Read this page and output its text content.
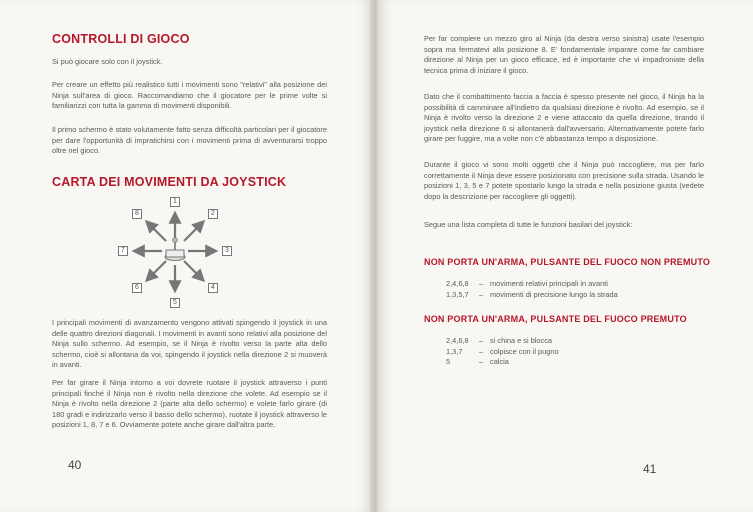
CONTROLLI DI GIOCO
Si può giocare solo con il joystick.
Per creare un effetto più realistico tutti i movimenti sono "relativi" alla posizione dei Ninja sull'area di gioco. Raccomandiamo che il giocatore per le prime volte si familiarizzi con tutta la gamma di movimenti disponibili.
Il primo schermo è stato volutamente fatto senza difficoltà particolari per il giocatore per dare l'opportunità di impratichirsi con i movimenti prima di avventurarsi troppo oltre nel gioco.
CARTA DEI MOVIMENTI DA JOYSTICK
1
2
3
4
5
6
7
8
I principali movimenti di avanzamento vengono attivati spingendo il joystick in una delle quattro direzioni diagonali. I movimenti in avanti sono relativi alla posizione del Ninja sullo schermo. Ad esempio, se il Ninja è rivolto verso la parte alta dello schermo, cioè si allontana da voi, spingendo il joystick nella direzione 2 si muoverà in avanti.
Per far girare il Ninja intorno a voi dovrete ruotare il joystick attraverso i punti principali finché il Ninja non è rivolto nella direzione che volete. Ad esempio se il Ninja è rivolto nella direzione 2 (parte alta dello schermo) e volete farlo girare (di 180 gradi e indirizzarlo verso il basso dello schermo), ruotate il joystick attraverso le posizioni 1, 8, 7 e 6. Ovviamente potete anche girare dall'altra parte.
40
Per far compiere un mezzo giro al Ninja (da destra verso sinistra) usate l'esempio sopra ma fermatevi alla posizione 8. E' fondamentale imparare come far cambiare direzione al Ninja per un gioco efficace, ed è importante che vi impadroniate della tecnica prima di iniziare il gioco.
Dato che il combattimento faccia a faccia è spesso presente nel gioco, il Ninja ha la possibilità di camminare all'indietro da qualsiasi direzione è rivolto. Ad esempio, se il Ninja è rivolto verso la direzione 2 e viene attaccato da quella direzione, tirando il joystick nella direzione 6 si allontanerà dall'avversario. Alternativamente potete farlo girare per fuggire, ma a volte non c'è abbastanza tempo a disposizione.
Durante il gioco vi sono molti oggetti che il Ninja può raccogliere, ma per farlo correttamente il Ninja deve essere posizionato con precisione sulla strada. Usando le posizioni 1, 3, 5 e 7 potete spostarlo lungo la strada e nella posizione giusta (vedete dopo la descrizione per raccogliere gli oggetti).
Segue una lista completa di tutte le funzioni basilari del joystick:
NON PORTA UN'ARMA, PULSANTE DEL FUOCO NON PREMUTO
2,4,6,8	– movimenti relativi principali in avanti
1,3,5,7	– movimenti di precisione lungo la strada
NON PORTA UN'ARMA, PULSANTE DEL FUOCO PREMUTO
2,4,6,8	– si china e si blocca
1,3,7	– colpisce con il pugno
5	– calcia
41
